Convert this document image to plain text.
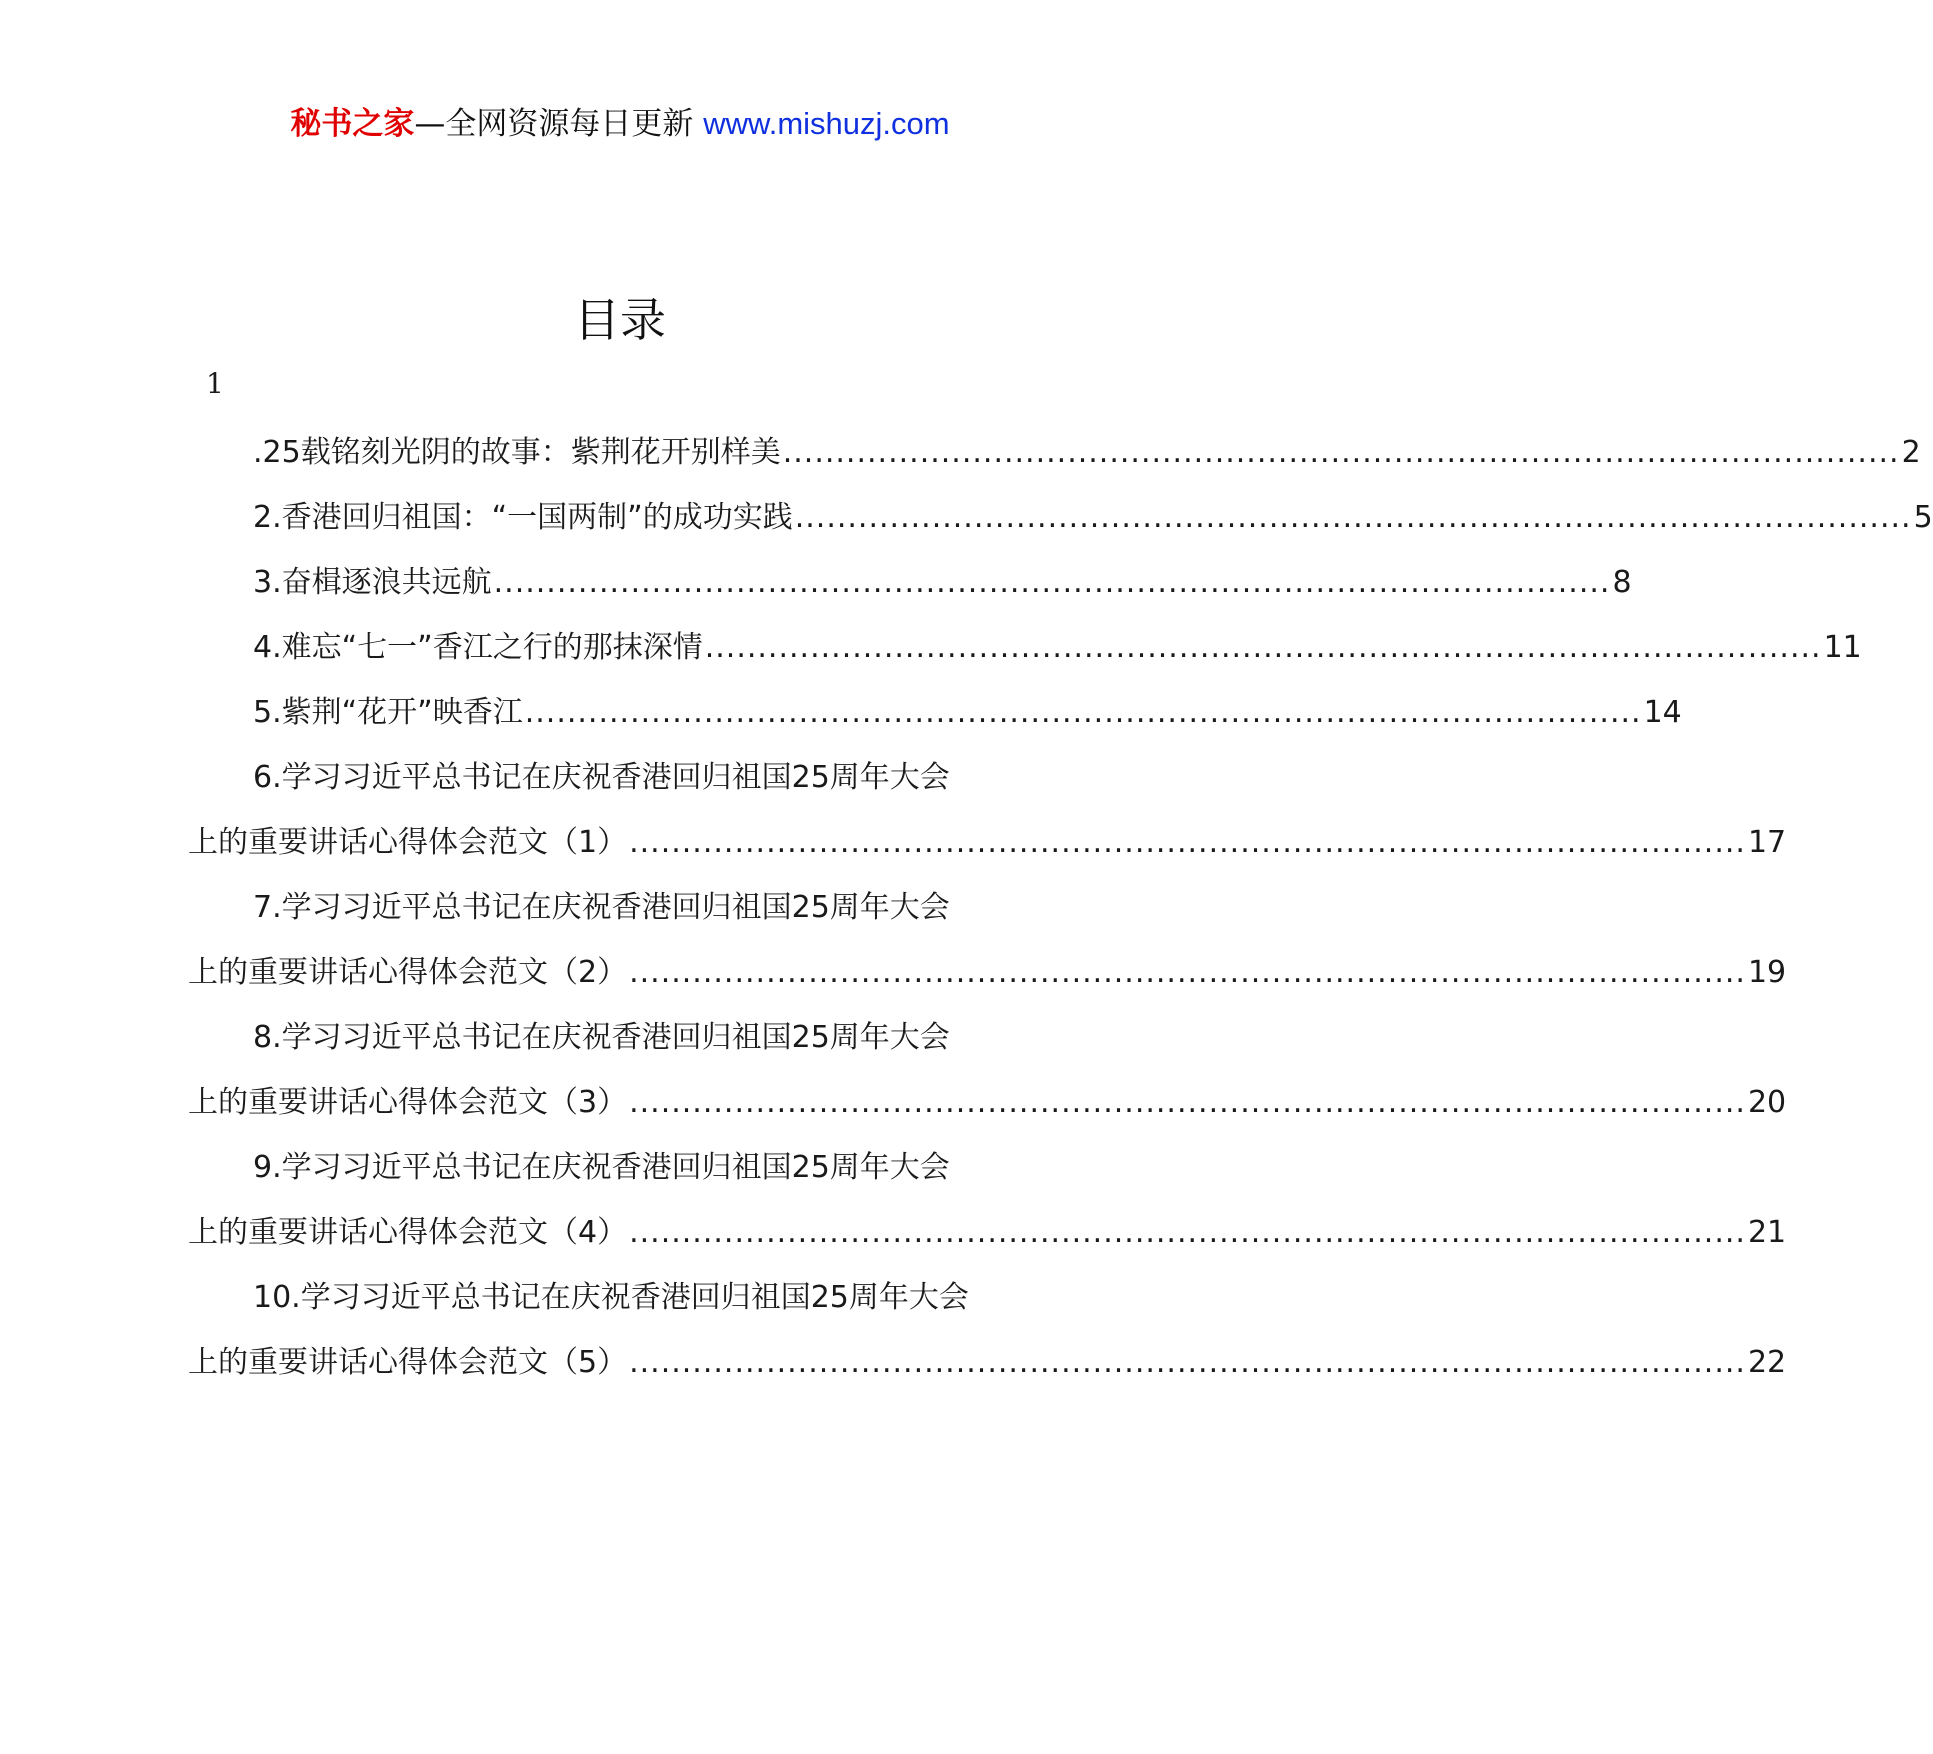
秘书之家—全网资源每日更新 www.mishuzj.com
目录
1
.25载铭刻光阴的故事：紫荆花开别样美 .......................................................................................................... 2
2.香港回归祖国：“一国两制”的成功实践 .......................................................................................................... 5
3.奋楫逐浪共远航 .......................................................................................................... 8
4.难忘“七一”香江之行的那抹深情 .......................................................................................................... 11
5.紫荆“花开”映香江 .......................................................................................................... 14
6.学习习近平总书记在庆祝香港回归祖国25周年大会
上的重要讲话心得体会范文（1） .......................................................................................................... 17
7.学习习近平总书记在庆祝香港回归祖国25周年大会
上的重要讲话心得体会范文（2） .......................................................................................................... 19
8.学习习近平总书记在庆祝香港回归祖国25周年大会
上的重要讲话心得体会范文（3） .......................................................................................................... 20
9.学习习近平总书记在庆祝香港回归祖国25周年大会
上的重要讲话心得体会范文（4） .......................................................................................................... 21
10.学习习近平总书记在庆祝香港回归祖国25周年大会
上的重要讲话心得体会范文（5） .......................................................................................................... 22
